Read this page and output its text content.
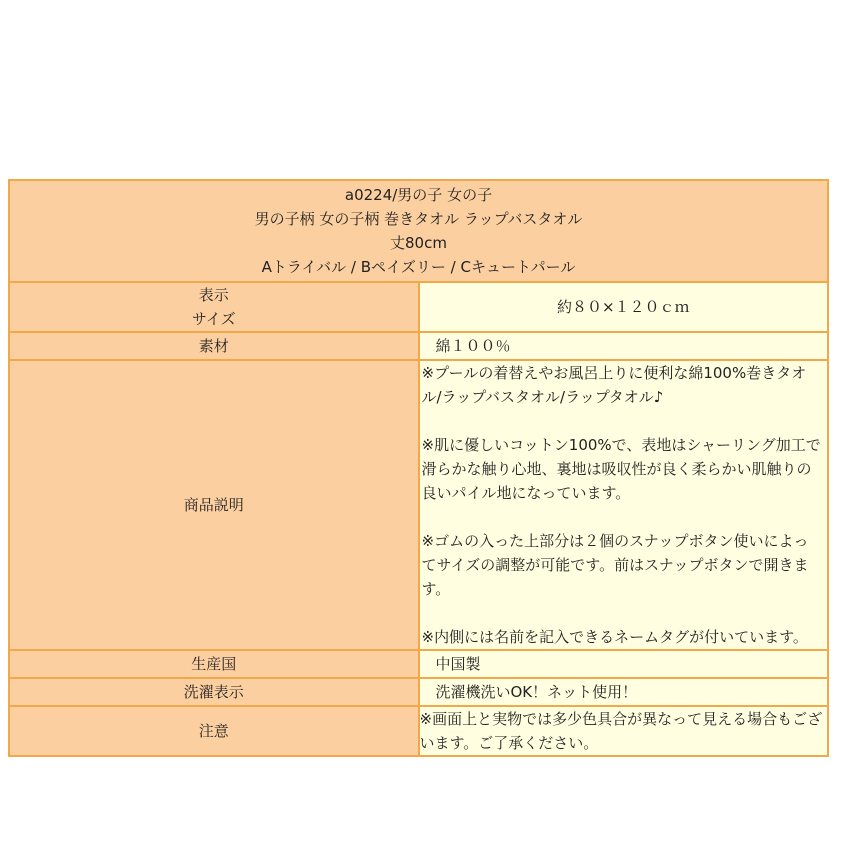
a0224/男の子 女の子
男の子柄 女の子柄 巻きタオル ラップバスタオル
丈80cm
Aトライバル / Bペイズリー / Cキュートパール	

表示
サイズ	約８０×１２０ｃｍ
素材	綿１００％
商品説明	※プールの着替えやお風呂上りに便利な綿100%巻きタオル/ラップバスタオル/ラップタオル♪

※肌に優しいコットン100%で、表地はシャーリング加工で滑らかな触り心地、裏地は吸収性が良く柔らかい肌触りの良いパイル地になっています。

※ゴムの入った上部分は２個のスナップボタン使いによってサイズの調整が可能です。前はスナップボタンで開きます。

※内側には名前を記入できるネームタグが付いています。

生産国	中国製
洗濯表示	洗濯機洗いOK！ネット使用！
注意	※画面上と実物では多少色具合が異なって見える場合もございます。ご了承ください。
